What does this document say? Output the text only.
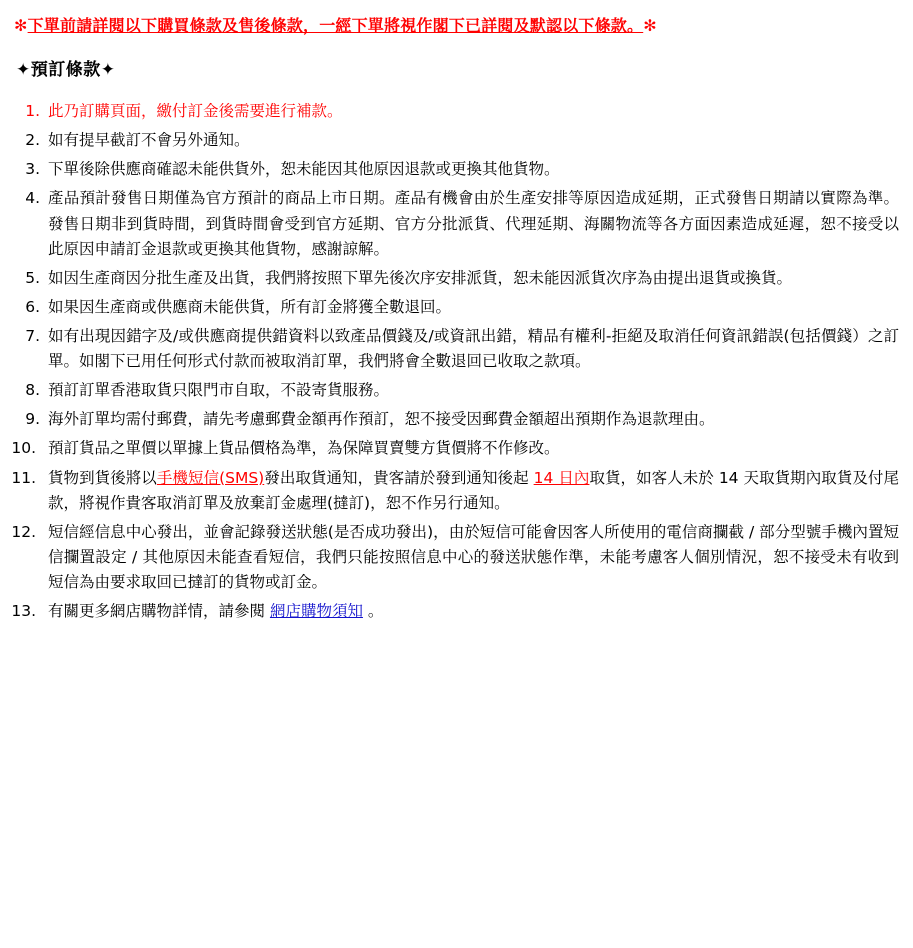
✻下單前請詳閱以下購買條款及售後條款，一經下單將視作閣下已詳閱及默認以下條款。✻
✦預訂條款✦
此乃訂購頁面，繳付訂金後需要進行補款。
如有提早截訂不會另外通知。
下單後除供應商確認未能供貨外，恕未能因其他原因退款或更換其他貨物。
產品預計發售日期僅為官方預計的商品上市日期。產品有機會由於生產安排等原因造成延期，正式發售日期請以實際為準。發售日期非到貨時間，到貨時間會受到官方延期、官方分批派貨、代理延期、海關物流等各方面因素造成延遲，恕不接受以此原因申請訂金退款或更換其他貨物，感謝諒解。
如因生產商因分批生產及出貨，我們將按照下單先後次序安排派貨，恕未能因派貨次序為由提出退貨或換貨。
如果因生產商或供應商未能供貨，所有訂金將獲全數退回。
如有出現因錯字及/或供應商提供錯資料以致產品價錢及/或資訊出錯，精品有權利-拒絕及取消任何資訊錯誤(包括價錢）之訂單。如閣下已用任何形式付款而被取消訂單，我們將會全數退回已收取之款項。
預訂訂單香港取貨只限門市自取，不設寄貨服務。
海外訂單均需付郵費，請先考慮郵費金額再作預訂，恕不接受因郵費金額超出預期作為退款理由。
預訂貨品之單價以單據上貨品價格為準，為保障買賣雙方貨價將不作修改。
貨物到貨後將以手機短信(SMS)發出取貨通知，貴客請於發到通知後起 14 日內取貨，如客人未於 14 天取貨期內取貨及付尾款，將視作貴客取消訂單及放棄訂金處理(撻訂)，恕不作另行通知。
短信經信息中心發出，並會記錄發送狀態(是否成功發出)，由於短信可能會因客人所使用的電信商攔截 / 部分型號手機內置短信攔置設定 / 其他原因未能查看短信，我們只能按照信息中心的發送狀態作準，未能考慮客人個別情況，恕不接受未有收到短信為由要求取回已撻訂的貨物或訂金。
有關更多網店購物詳情，請參閱 網店購物須知 。
